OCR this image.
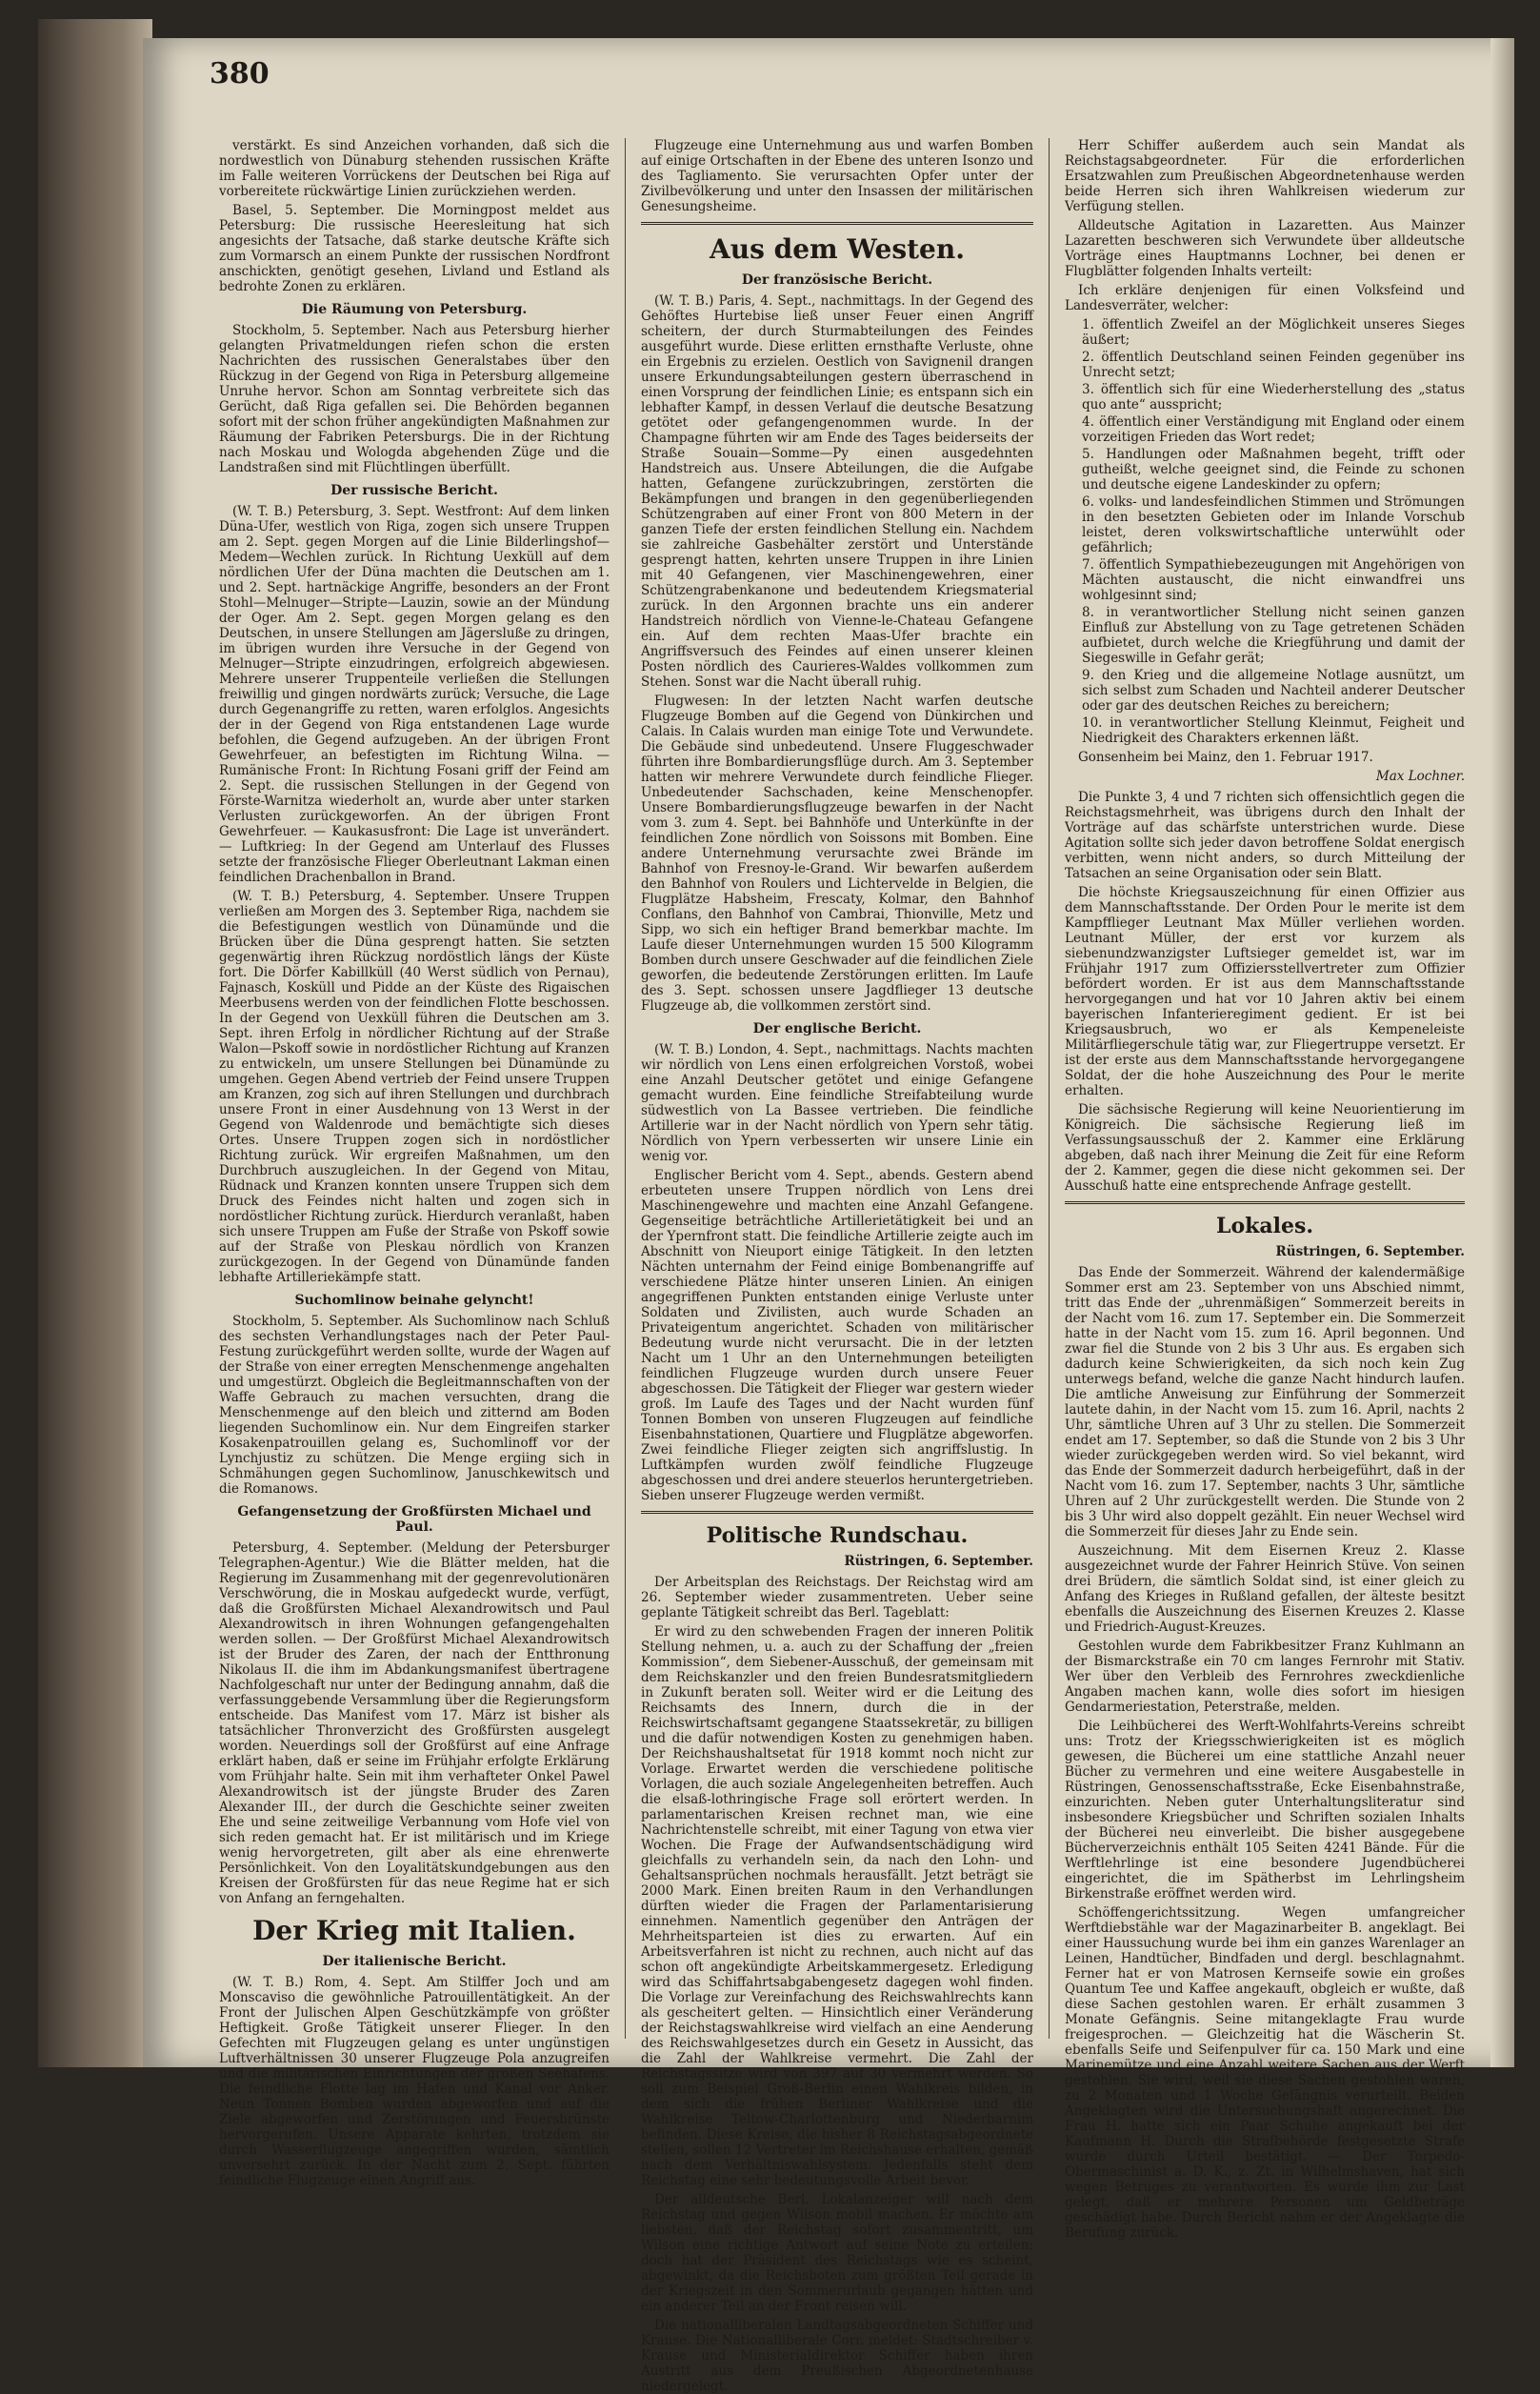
380

verstärkt. Es sind Anzeichen vorhanden, daß sich die nordwestlich von Dünaburg stehenden russischen Kräfte im Falle weiteren Vorrückens der Deutschen bei Riga auf vorbereitete rückwärtige Linien zurückziehen werden.

Basel, 5. September. Die Morningpost meldet aus Petersburg: Die russische Heeresleitung hat sich angesichts der Tatsache, daß starke deutsche Kräfte sich zum Vormarsch an einem Punkte der russischen Nordfront anschickten, genötigt gesehen, Livland und Estland als bedrohte Zonen zu erklären.

Die Räumung von Petersburg.

Stockholm, 5. September. Nach aus Petersburg hierher gelangten Privatmeldungen riefen schon die ersten Nachrichten des russischen Generalstabes über den Rückzug in der Gegend von Riga in Petersburg allgemeine Unruhe hervor. Schon am Sonntag verbreitete sich das Gerücht, daß Riga gefallen sei. Die Behörden begannen sofort mit der schon früher angekündigten Maßnahmen zur Räumung der Fabriken Petersburgs. Die in der Richtung nach Moskau und Wologda abgehenden Züge und die Landstraßen sind mit Flüchtlingen überfüllt.

Der russische Bericht.

(W. T. B.) Petersburg, 3. Sept. Westfront: Auf dem linken Düna-Ufer, westlich von Riga, zogen sich unsere Truppen am 2. Sept. gegen Morgen auf die Linie Bilderlingshof—Medem—Wechlen zurück. In Richtung Uexküll auf dem nördlichen Ufer der Düna machten die Deutschen am 1. und 2. Sept. hartnäckige Angriffe, besonders an der Front Stohl—Melnuger—Stripte—Lauzin, sowie an der Mündung der Oger. Am 2. Sept. gegen Morgen gelang es den Deutschen, in unsere Stellungen am Jägersluße zu dringen, im übrigen wurden ihre Versuche in der Gegend von Melnuger—Stripte einzudringen, erfolgreich abgewiesen. Mehrere unserer Truppenteile verließen die Stellungen freiwillig und gingen nordwärts zurück; Versuche, die Lage durch Gegenangriffe zu retten, waren erfolglos. Angesichts der in der Gegend von Riga entstandenen Lage wurde befohlen, die Gegend aufzugeben. An der übrigen Front Gewehrfeuer, an befestigten im Richtung Wilna. — Rumänische Front: In Richtung Fosani griff der Feind am 2. Sept. die russischen Stellungen in der Gegend von Förste-Warnitza wiederholt an, wurde aber unter starken Verlusten zurückgeworfen. An der übrigen Front Gewehrfeuer. — Kaukasusfront: Die Lage ist unverändert. — Luftkrieg: In der Gegend am Unterlauf des Flusses setzte der französische Flieger Oberleutnant Lakman einen feindlichen Drachenballon in Brand.

(W. T. B.) Petersburg, 4. September. Unsere Truppen verließen am Morgen des 3. September Riga, nachdem sie die Befestigungen westlich von Dünamünde und die Brücken über die Düna gesprengt hatten. Sie setzten gegenwärtig ihren Rückzug nordöstlich längs der Küste fort. Die Dörfer Kabillküll (40 Werst südlich von Pernau), Fajnasch, Kosküll und Pidde an der Küste des Rigaischen Meerbusens werden von der feindlichen Flotte beschossen. In der Gegend von Uexküll führen die Deutschen am 3. Sept. ihren Erfolg in nördlicher Richtung auf der Straße Walon—Pskoff sowie in nordöstlicher Richtung auf Kranzen zu entwickeln, um unsere Stellungen bei Dünamünde zu umgehen. Gegen Abend vertrieb der Feind unsere Truppen am Kranzen, zog sich auf ihren Stellungen und durchbrach unsere Front in einer Ausdehnung von 13 Werst in der Gegend von Waldenrode und bemächtigte sich dieses Ortes. Unsere Truppen zogen sich in nordöstlicher Richtung zurück. Wir ergreifen Maßnahmen, um den Durchbruch auszugleichen. In der Gegend von Mitau, Rüdnack und Kranzen konnten unsere Truppen sich dem Druck des Feindes nicht halten und zogen sich in nordöstlicher Richtung zurück. Hierdurch veranlaßt, haben sich unsere Truppen am Fuße der Straße von Pskoff sowie auf der Straße von Pleskau nördlich von Kranzen zurückgezogen. In der Gegend von Dünamünde fanden lebhafte Artilleriekämpfe statt.

Suchomlinow beinahe gelyncht!

Stockholm, 5. September. Als Suchomlinow nach Schluß des sechsten Verhandlungstages nach der Peter Paul-Festung zurückgeführt werden sollte, wurde der Wagen auf der Straße von einer erregten Menschenmenge angehalten und umgestürzt. Obgleich die Begleitmannschaften von der Waffe Gebrauch zu machen versuchten, drang die Menschenmenge auf den bleich und zitternd am Boden liegenden Suchomlinow ein. Nur dem Eingreifen starker Kosakenpatrouillen gelang es, Suchomlinoff vor der Lynchjustiz zu schützen. Die Menge ergiing sich in Schmähungen gegen Suchomlinow, Januschkewitsch und die Romanows.

Gefangensetzung der Großfürsten Michael und Paul.

Petersburg, 4. September. (Meldung der Petersburger Telegraphen-Agentur.) Wie die Blätter melden, hat die Regierung im Zusammenhang mit der gegenrevolutionären Verschwörung, die in Moskau aufgedeckt wurde, verfügt, daß die Großfürsten Michael Alexandrowitsch und Paul Alexandrowitsch in ihren Wohnungen gefangengehalten werden sollen. — Der Großfürst Michael Alexandrowitsch ist der Bruder des Zaren, der nach der Entthronung Nikolaus II. die ihm im Abdankungsmanifest übertragene Nachfolgeschaft nur unter der Bedingung annahm, daß die verfassunggebende Versammlung über die Regierungsform entscheide. Das Manifest vom 17. März ist bisher als tatsächlicher Thronverzicht des Großfürsten ausgelegt worden. Neuerdings soll der Großfürst auf eine Anfrage erklärt haben, daß er seine im Frühjahr erfolgte Erklärung vom Frühjahr halte. Sein mit ihm verhafteter Onkel Pawel Alexandrowitsch ist der jüngste Bruder des Zaren Alexander III., der durch die Geschichte seiner zweiten Ehe und seine zeitweilige Verbannung vom Hofe viel von sich reden gemacht hat. Er ist militärisch und im Kriege wenig hervorgetreten, gilt aber als eine ehrenwerte Persönlichkeit. Von den Loyalitätskundgebungen aus den Kreisen der Großfürsten für das neue Regime hat er sich von Anfang an ferngehalten.

Der Krieg mit Italien.
Der italienische Bericht.

(W. T. B.) Rom, 4. Sept. Am Stilffer Joch und am Monscaviso die gewöhnliche Patrouillentätigkeit. An der Front der Julischen Alpen Geschützkämpfe von größter Heftigkeit. Große Tätigkeit unserer Flieger. In den Gefechten mit Flugzeugen gelang es unter ungünstigen Luftverhältnissen 30 unserer Flugzeuge Pola anzugreifen und die militärischen Einrichtungen der großen Seehafens. Die feindliche Flotte lag im Hafen und Kanal vor Anker. Neun Tonnen Bomben wurden abgeworfen und auf die Ziele abgeworfen und Zerstörungen und Feuersbrünste hervorgerufen. Unsere Apparate kehrten, trotzdem sie durch Wasserflugzeuge angegriffen wurden, sämtlich unversehrt zurück. In der Nacht zum 2. Sept. führten feindliche Flugzeuge einen Angriff aus.

Flugzeuge eine Unternehmung aus und warfen Bomben auf einige Ortschaften in der Ebene des unteren Isonzo und des Tagliamento. Sie verursachten Opfer unter der Zivilbevölkerung und unter den Insassen der militärischen Genesungsheime.

Aus dem Westen.
Der französische Bericht.

(W. T. B.) Paris, 4. Sept., nachmittags. In der Gegend des Gehöftes Hurtebise ließ unser Feuer einen Angriff scheitern, der durch Sturmabteilungen des Feindes ausgeführt wurde. Diese erlitten ernsthafte Verluste, ohne ein Ergebnis zu erzielen. Oestlich von Savignenil drangen unsere Erkundungsabteilungen gestern überraschend in einen Vorsprung der feindlichen Linie; es entspann sich ein lebhafter Kampf, in dessen Verlauf die deutsche Besatzung getötet oder gefangengenommen wurde. In der Champagne führten wir am Ende des Tages beiderseits der Straße Souain—Somme—Py einen ausgedehnten Handstreich aus. Unsere Abteilungen, die die Aufgabe hatten, Gefangene zurückzubringen, zerstörten die Bekämpfungen und brangen in den gegenüberliegenden Schützengraben auf einer Front von 800 Metern in der ganzen Tiefe der ersten feindlichen Stellung ein. Nachdem sie zahlreiche Gasbehälter zerstört und Unterstände gesprengt hatten, kehrten unsere Truppen in ihre Linien mit 40 Gefangenen, vier Maschinengewehren, einer Schützengrabenkanone und bedeutendem Kriegsmaterial zurück. In den Argonnen brachte uns ein anderer Handstreich nördlich von Vienne-le-Chateau Gefangene ein. Auf dem rechten Maas-Ufer brachte ein Angriffsversuch des Feindes auf einen unserer kleinen Posten nördlich des Caurieres-Waldes vollkommen zum Stehen. Sonst war die Nacht überall ruhig.

Flugwesen: In der letzten Nacht warfen deutsche Flugzeuge Bomben auf die Gegend von Dünkirchen und Calais. In Calais wurden man einige Tote und Verwundete. Die Gebäude sind unbedeutend. Unsere Fluggeschwader führten ihre Bombardierungsflüge durch. Am 3. September hatten wir mehrere Verwundete durch feindliche Flieger. Unbedeutender Sachschaden, keine Menschenopfer. Unsere Bombardierungsflugzeuge bewarfen in der Nacht vom 3. zum 4. Sept. bei Bahnhöfe und Unterkünfte in der feindlichen Zone nördlich von Soissons mit Bomben. Eine andere Unternehmung verursachte zwei Brände im Bahnhof von Fresnoy-le-Grand. Wir bewarfen außerdem den Bahnhof von Roulers und Lichtervelde in Belgien, die Flugplätze Habsheim, Frescaty, Kolmar, den Bahnhof Conflans, den Bahnhof von Cambrai, Thionville, Metz und Sipp, wo sich ein heftiger Brand bemerkbar machte. Im Laufe dieser Unternehmungen wurden 15 500 Kilogramm Bomben durch unsere Geschwader auf die feindlichen Ziele geworfen, die bedeutende Zerstörungen erlitten. Im Laufe des 3. Sept. schossen unsere Jagdflieger 13 deutsche Flugzeuge ab, die vollkommen zerstört sind.

Der englische Bericht.

(W. T. B.) London, 4. Sept., nachmittags. Nachts machten wir nördlich von Lens einen erfolgreichen Vorstoß, wobei eine Anzahl Deutscher getötet und einige Gefangene gemacht wurden. Eine feindliche Streifabteilung wurde südwestlich von La Bassee vertrieben. Die feindliche Artillerie war in der Nacht nördlich von Ypern sehr tätig. Nördlich von Ypern verbesserten wir unsere Linie ein wenig vor.

Englischer Bericht vom 4. Sept., abends. Gestern abend erbeuteten unsere Truppen nördlich von Lens drei Maschinengewehre und machten eine Anzahl Gefangene. Gegenseitige beträchtliche Artillerietätigkeit bei und an der Ypernfront statt. Die feindliche Artillerie zeigte auch im Abschnitt von Nieuport einige Tätigkeit. In den letzten Nächten unternahm der Feind einige Bombenangriffe auf verschiedene Plätze hinter unseren Linien. An einigen angegriffenen Punkten entstanden einige Verluste unter Soldaten und Zivilisten, auch wurde Schaden an Privateigentum angerichtet. Schaden von militärischer Bedeutung wurde nicht verursacht. Die in der letzten Nacht um 1 Uhr an den Unternehmungen beteiligten feindlichen Flugzeuge wurden durch unsere Feuer abgeschossen. Die Tätigkeit der Flieger war gestern wieder groß. Im Laufe des Tages und der Nacht wurden fünf Tonnen Bomben von unseren Flugzeugen auf feindliche Eisenbahnstationen, Quartiere und Flugplätze abgeworfen. Zwei feindliche Flieger zeigten sich angriffslustig. In Luftkämpfen wurden zwölf feindliche Flugzeuge abgeschossen und drei andere steuerlos heruntergetrieben. Sieben unserer Flugzeuge werden vermißt.

Politische Rundschau.
Rüstringen, 6. September.

Der Arbeitsplan des Reichstags. Der Reichstag wird am 26. September wieder zusammentreten. Ueber seine geplante Tätigkeit schreibt das Berl. Tageblatt:

Er wird zu den schwebenden Fragen der inneren Politik Stellung nehmen, u. a. auch zu der Schaffung der „freien Kommission“, dem Siebener-Ausschuß, der gemeinsam mit dem Reichskanzler und den freien Bundesratsmitgliedern in Zukunft beraten soll. Weiter wird er die Leitung des Reichsamts des Innern, durch die in der Reichswirtschaftsamt gegangene Staatssekretär, zu billigen und die dafür notwendigen Kosten zu genehmigen haben. Der Reichshaushaltsetat für 1918 kommt noch nicht zur Vorlage. Erwartet werden die verschiedene politische Vorlagen, die auch soziale Angelegenheiten betreffen. Auch die elsaß-lothringische Frage soll erörtert werden. In parlamentarischen Kreisen rechnet man, wie eine Nachrichtenstelle schreibt, mit einer Tagung von etwa vier Wochen. Die Frage der Aufwandsentschädigung wird gleichfalls zu verhandeln sein, da nach den Lohn- und Gehaltsansprüchen nochmals herausfällt. Jetzt beträgt sie 2000 Mark. Einen breiten Raum in den Verhandlungen dürften wieder die Fragen der Parlamentarisierung einnehmen. Namentlich gegenüber den Anträgen der Mehrheitsparteien ist dies zu erwarten. Auf ein Arbeitsverfahren ist nicht zu rechnen, auch nicht auf das schon oft angekündigte Arbeitskammergesetz. Erledigung wird das Schiffahrtsabgabengesetz dagegen wohl finden. Die Vorlage zur Vereinfachung des Reichswahlrechts kann als gescheitert gelten. — Hinsichtlich einer Veränderung der Reichstagswahlkreise wird vielfach an eine Aenderung des Reichswahlgesetzes durch ein Gesetz in Aussicht, das die Zahl der Wahlkreise vermehrt. Die Zahl der Reichstagssitze wird von 397 auf 30 vermehrt werden. So soll zum Beispiel Groß-Berlin einen Wahlkreis bilden, in dem sich die frühen Berliner Wahlkreise und die Wahlkreise Teltow-Charlottenburg und Niederbarnim befinden. Diese Kreise, die bisher 8 Reichstagsabgeordnete stellen, sollen 12 Vertreter im Reichshause erhalten, gemäß nach dem Verhältniswahlsystem. Jedenfalls steht dem Reichstag eine sehr bedeutungsvolle Arbeit bevor.

Der alldeutsche Berl. Lokalanzeiger will nach dem Reichstag und gegen Wilson mobil machen. Er möchte am liebsten, daß der Reichstag sofort zusammentritt, um Wilson eine richtige Antwort auf seine Note zu erteilen; doch hat der Präsident des Reichstags wie es scheint, abgewinkt, da die Reichsboten zum größten Teil gerade in der Kriegszeit in den Sommerurlaub gegangen hätten und ein anderer Teil an der Front reisen will.

Die nationalliberalen Landtagsabgeordneten Schiffer und Krause. Die Nationalliberale Corr. meldet: Stadtschreiber v. Krause und Ministerialdirektor Schiffer haben ihren Austritt aus dem Preußischen Abgeordnetenhause niedergelegt.

Herr Schiffer außerdem auch sein Mandat als Reichstagsabgeordneter. Für die erforderlichen Ersatzwahlen zum Preußischen Abgeordnetenhause werden beide Herren sich ihren Wahlkreisen wiederum zur Verfügung stellen.

Alldeutsche Agitation in Lazaretten. Aus Mainzer Lazaretten beschweren sich Verwundete über alldeutsche Vorträge eines Hauptmanns Lochner, bei denen er Flugblätter folgenden Inhalts verteilt:

Ich erkläre denjenigen für einen Volksfeind und Landesverräter, welcher:

1. öffentlich Zweifel an der Möglichkeit unseres Sieges äußert;
2. öffentlich Deutschland seinen Feinden gegenüber ins Unrecht setzt;
3. öffentlich sich für eine Wiederherstellung des „status quo ante“ ausspricht;
4. öffentlich einer Verständigung mit England oder einem vorzeitigen Frieden das Wort redet;
5. Handlungen oder Maßnahmen begeht, trifft oder gutheißt, welche geeignet sind, die Feinde zu schonen und deutsche eigene Landeskinder zu opfern;
6. volks- und landesfeindlichen Stimmen und Strömungen in den besetzten Gebieten oder im Inlande Vorschub leistet, deren volkswirtschaftliche unterwühlt oder gefährlich;
7. öffentlich Sympathiebezeugungen mit Angehörigen von Mächten austauscht, die nicht einwandfrei uns wohlgesinnt sind;
8. in verantwortlicher Stellung nicht seinen ganzen Einfluß zur Abstellung von zu Tage getretenen Schäden aufbietet, durch welche die Kriegführung und damit der Siegeswille in Gefahr gerät;
9. den Krieg und die allgemeine Notlage ausnützt, um sich selbst zum Schaden und Nachteil anderer Deutscher oder gar des deutschen Reiches zu bereichern;
10. in verantwortlicher Stellung Kleinmut, Feigheit und Niedrigkeit des Charakters erkennen läßt.

Gonsenheim bei Mainz, den 1. Februar 1917.

Max Lochner.

Die Punkte 3, 4 und 7 richten sich offensichtlich gegen die Reichstagsmehrheit, was übrigens durch den Inhalt der Vorträge auf das schärfste unterstrichen wurde. Diese Agitation sollte sich jeder davon betroffene Soldat energisch verbitten, wenn nicht anders, so durch Mitteilung der Tatsachen an seine Organisation oder sein Blatt.

Die höchste Kriegsauszeichnung für einen Offizier aus dem Mannschaftsstande. Der Orden Pour le merite ist dem Kampfflieger Leutnant Max Müller verliehen worden. Leutnant Müller, der erst vor kurzem als siebenundzwanzigster Luftsieger gemeldet ist, war im Frühjahr 1917 zum Offiziersstellvertreter zum Offizier befördert worden. Er ist aus dem Mannschaftsstande hervorgegangen und hat vor 10 Jahren aktiv bei einem bayerischen Infanterieregiment gedient. Er ist bei Kriegsausbruch, wo er als Kempeneleiste Militärfliegerschule tätig war, zur Fliegertruppe versetzt. Er ist der erste aus dem Mannschaftsstande hervorgegangene Soldat, der die hohe Auszeichnung des Pour le merite erhalten.

Die sächsische Regierung will keine Neuorientierung im Königreich. Die sächsische Regierung ließ im Verfassungsausschuß der 2. Kammer eine Erklärung abgeben, daß nach ihrer Meinung die Zeit für eine Reform der 2. Kammer, gegen die diese nicht gekommen sei. Der Ausschuß hatte eine entsprechende Anfrage gestellt.

Lokales.
Rüstringen, 6. September.

Das Ende der Sommerzeit. Während der kalendermäßige Sommer erst am 23. September von uns Abschied nimmt, tritt das Ende der „uhrenmäßigen“ Sommerzeit bereits in der Nacht vom 16. zum 17. September ein. Die Sommerzeit hatte in der Nacht vom 15. zum 16. April begonnen. Und zwar fiel die Stunde von 2 bis 3 Uhr aus. Es ergaben sich dadurch keine Schwierigkeiten, da sich noch kein Zug unterwegs befand, welche die ganze Nacht hindurch laufen. Die amtliche Anweisung zur Einführung der Sommerzeit lautete dahin, in der Nacht vom 15. zum 16. April, nachts 2 Uhr, sämtliche Uhren auf 3 Uhr zu stellen. Die Sommerzeit endet am 17. September, so daß die Stunde von 2 bis 3 Uhr wieder zurückgegeben werden wird. So viel bekannt, wird das Ende der Sommerzeit dadurch herbeigeführt, daß in der Nacht vom 16. zum 17. September, nachts 3 Uhr, sämtliche Uhren auf 2 Uhr zurückgestellt werden. Die Stunde von 2 bis 3 Uhr wird also doppelt gezählt. Ein neuer Wechsel wird die Sommerzeit für dieses Jahr zu Ende sein.

Auszeichnung. Mit dem Eisernen Kreuz 2. Klasse ausgezeichnet wurde der Fahrer Heinrich Stüve. Von seinen drei Brüdern, die sämtlich Soldat sind, ist einer gleich zu Anfang des Krieges in Rußland gefallen, der älteste besitzt ebenfalls die Auszeichnung des Eisernen Kreuzes 2. Klasse und Friedrich-August-Kreuzes.

Gestohlen wurde dem Fabrikbesitzer Franz Kuhlmann an der Bismarckstraße ein 70 cm langes Fernrohr mit Stativ. Wer über den Verbleib des Fernrohres zweckdienliche Angaben machen kann, wolle dies sofort im hiesigen Gendarmeriestation, Peterstraße, melden.

Die Leihbücherei des Werft-Wohlfahrts-Vereins schreibt uns: Trotz der Kriegsschwierigkeiten ist es möglich gewesen, die Bücherei um eine stattliche Anzahl neuer Bücher zu vermehren und eine weitere Ausgabestelle in Rüstringen, Genossenschaftsstraße, Ecke Eisenbahnstraße, einzurichten. Neben guter Unterhaltungsliteratur sind insbesondere Kriegsbücher und Schriften sozialen Inhalts der Bücherei neu einverleibt. Die bisher ausgegebene Bücherverzeichnis enthält 105 Seiten 4241 Bände. Für die Werftlehrlinge ist eine besondere Jugendbücherei eingerichtet, die im Spätherbst im Lehrlingsheim Birkenstraße eröffnet werden wird.

Schöffengerichtssitzung. Wegen umfangreicher Werftdiebstähle war der Magazinarbeiter B. angeklagt. Bei einer Haussuchung wurde bei ihm ein ganzes Warenlager an Leinen, Handtücher, Bindfaden und dergl. beschlagnahmt. Ferner hat er von Matrosen Kernseife sowie ein großes Quantum Tee und Kaffee angekauft, obgleich er wußte, daß diese Sachen gestohlen waren. Er erhält zusammen 3 Monate Gefängnis. Seine mitangeklagte Frau wurde freigesprochen. — Gleichzeitig hat die Wäscherin St. ebenfalls Seife und Seifenpulver für ca. 150 Mark und eine Marinemütze und eine Anzahl weitere Sachen aus der Werft gestohlen. Sie wird, weil sie diese Sachen gestohlen waren, zu 2 Monaten und 1 Woche Gefängnis verurteilt. Beiden Angeklagten wird die Untersuchungshaft angerechnet. Die Frau H. hatte sich ein Paar Schuhe angekauft bei der Kaufmann H. Durch die Strafbehörde festgesetzte Strafe wurde durch Urteil bestätigt. — Der Torpedo-Obermaschinist a. D. K., z. Zt. in Wilhelmshaven, hat sich wegen Betruges zu verantworten. Es wurde ihm zur Last gelegt, daß er mehrere Personen um Geldbeträge geschädigt habe. Durch Bericht nahm er der Angeklagte die Berufung zurück.
